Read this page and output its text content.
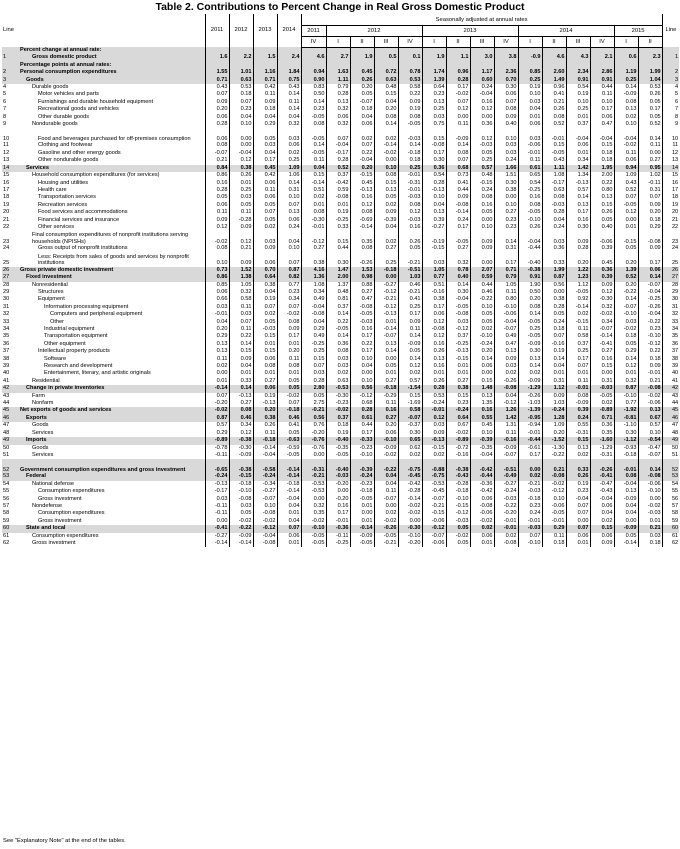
Table 2. Contributions to Percent Change in Real Gross Domestic Product
Line		2011	2012	2013	2014	Seasonally adjusted at annual rates															Line
						2011	2012				2013				2014				2015		
						IV	I	II	III	IV	I	II	III	IV	I	II	III	IV	I	II	
	Percent change at annual rate:																				
1	Gross domestic product	1.6	2.2	1.5	2.4	4.6	2.7	1.9	0.5	0.1	1.9	1.1	3.0	3.8	-0.9	4.6	4.3	2.1	0.6	2.3	1
	Percentage points at annual rates:																				
2	Personal consumption expenditures	1.55	1.01	1.16	1.84	0.94	1.63	0.45	0.72	0.78	1.74	0.96	1.17	2.36	0.85	2.60	2.34	2.86	1.19	1.99	2
3	Goods	0.71	0.63	0.71	0.75	0.90	1.11	0.26	0.63	0.53	1.39	0.28	0.60	0.70	0.25	1.49	0.91	0.91	0.25	1.04	3
4	Durable goods	0.43	0.53	0.42	0.43	0.83	0.79	0.20	0.48	0.58	0.64	0.17	0.24	0.30	0.19	0.96	0.54	0.44	0.14	0.53	4
5	Motor vehicles and parts	0.07	0.18	0.11	0.14	0.50	0.28	0.05	0.15	0.22	0.23	-0.02	-0.04	0.06	0.10	0.41	0.19	0.11	-0.09	0.26	5
6	Furnishings and durable household equipment	0.09	0.07	0.09	0.11	0.14	0.13	-0.07	0.04	0.09	0.13	0.07	0.16	0.07	0.03	0.21	0.10	0.10	0.08	0.05	6
7	Recreational goods and vehicles	0.20	0.23	0.18	0.14	0.23	0.32	0.18	0.20	0.19	0.25	0.12	0.12	0.08	0.04	0.26	0.25	0.17	0.13	0.17	7
8	Other durable goods	0.06	0.04	0.04	0.04	-0.05	0.06	0.04	0.08	0.08	0.03	0.00	0.00	0.09	0.01	0.08	0.01	0.06	0.02	0.05	8
9	Nondurable goods	0.28	0.10	0.29	0.32	0.08	0.32	0.06	0.14	-0.05	0.75	0.11	0.36	0.40	0.06	0.52	0.37	0.47	0.10	0.52	9
10	Food and beverages purchased for off-premises consumption	0.06	0.00	0.05	0.03	-0.05	0.07	0.02	0.02	-0.03	0.15	-0.09	0.12	0.10	0.03	-0.01	-0.04	-0.04	-0.04	0.14	10
11	Clothing and footwear	0.08	0.00	0.03	0.06	0.14	-0.04	0.07	-0.14	0.14	-0.08	0.14	-0.03	0.03	-0.06	0.15	0.06	0.15	-0.02	0.11	11
12	Gasoline and other energy goods	-0.07	-0.04	0.04	0.02	-0.05	-0.17	0.22	-0.02	-0.18	0.17	0.08	0.05	0.03	-0.01	-0.05	0.01	0.18	0.11	0.00	12
13	Other nondurable goods	0.21	0.12	0.17	0.25	0.11	0.28	-0.04	0.00	0.18	0.30	0.07	0.25	0.24	0.11	0.43	0.34	0.18	0.06	0.27	13
14	Services	0.84	0.38	0.45	1.09	0.04	0.52	0.20	0.10	0.25	0.36	0.68	0.57	1.66	0.61	1.11	1.42	1.95	0.94	0.95	14
15	Household consumption expenditures (for services)	0.86	0.26	0.42	1.06	0.15	0.37	-0.15	0.08	-0.01	0.54	0.73	0.48	1.51	0.65	1.08	1.34	2.00	1.09	1.02	15
16	Housing and utilities	0.16	0.01	0.06	0.14	-0.14	-0.42	0.45	0.15	-0.31	0.28	0.41	-0.15	0.30	0.54	-0.17	-0.13	0.22	0.43	-0.11	16
17	Health care	0.28	0.25	0.11	0.31	0.51	0.59	-0.13	0.13	-0.01	-0.13	0.44	0.24	0.38	-0.25	0.63	0.57	0.80	0.52	0.31	17
18	Transportation services	0.05	0.03	0.06	0.10	0.02	-0.08	0.16	0.05	-0.03	0.10	0.09	0.08	0.00	0.16	0.08	0.14	0.13	0.07	0.07	18
19	Recreation services	0.06	0.05	0.05	0.07	0.01	0.01	0.12	0.02	0.08	0.04	-0.08	0.16	0.10	0.08	-0.03	0.13	0.15	-0.05	0.09	19
20	Food services and accommodations	0.11	0.11	0.07	0.13	0.08	0.19	0.08	0.09	0.12	0.13	-0.14	0.05	0.27	-0.05	0.28	0.17	0.26	0.12	0.20	20
21	Financial services and insurance	0.09	-0.28	0.05	0.06	-0.30	-0.25	-0.69	-0.39	-0.03	0.39	0.24	0.00	0.23	-0.10	0.04	0.16	0.05	0.00	0.18	21
22	Other services	0.12	0.09	0.02	0.24	-0.01	0.33	-0.14	0.04	0.16	-0.27	0.17	0.10	0.23	0.26	0.24	0.30	0.40	0.01	0.29	22
23	Final consumption expenditures of nonprofit institutions serving households (NPISHs)	-0.02	0.12	0.03	0.04	-0.12	0.15	0.35	0.02	0.26	-0.19	-0.05	0.09	0.14	-0.04	0.03	0.09	-0.06	-0.15	-0.08	23
24	Gross output of nonprofit institutions	0.08	0.21	0.09	0.10	0.27	0.44	0.08	0.27	0.05	-0.15	0.27	0.09	0.31	-0.44	0.36	0.28	0.39	0.05	0.09	24
25	Less: Receipts from sales of goods and services by nonprofit institutions	0.10	0.09	0.06	0.07	0.38	0.30	-0.26	0.25	-0.21	0.03	0.32	0.00	0.17	-0.40	0.33	0.20	0.45	0.20	0.17	25
26	Gross private domestic investment	0.73	1.52	0.70	0.87	4.16	1.47	1.53	-0.18	-0.51	1.05	0.78	2.07	0.71	-0.38	1.99	1.22	0.36	1.39	0.06	26
27	Fixed investment	0.86	1.38	0.64	0.82	1.36	2.00	0.98	0.00	1.03	0.77	0.40	0.59	0.79	0.91	0.87	1.23	0.39	0.52	0.14	27
28	Nonresidential	0.85	1.05	0.38	0.77	1.08	1.37	0.88	-0.27	0.46	0.51	0.14	0.44	1.05	1.90	0.56	1.12	0.09	0.20	-0.07	28
29	Structures	0.06	0.32	0.04	0.23	0.34	0.48	0.27	-0.12	-0.21	-0.16	0.30	0.46	0.11	0.50	0.00	-0.05	0.12	-0.22	-0.04	29
30	Equipment	0.66	0.58	0.19	0.34	0.49	0.81	0.47	-0.21	0.41	0.38	-0.04	-0.22	0.80	0.20	0.38	0.92	-0.30	0.14	-0.25	30
31	Information processing equipment	0.03	0.11	0.07	0.07	-0.04	0.37	-0.08	-0.12	0.25	0.17	-0.05	0.10	-0.10	0.08	0.28	-0.14	0.32	-0.07	-0.26	31
32	Computers and peripheral equipment	-0.01	0.03	0.02	-0.02	-0.08	0.14	-0.05	-0.13	0.17	0.06	-0.08	0.05	-0.06	0.14	0.05	0.02	-0.02	-0.10	-0.04	32
33	Other	0.04	0.07	0.05	0.08	0.04	0.22	-0.03	0.01	0.09	0.12	0.03	0.05	-0.04	-0.05	0.24	-0.15	0.34	0.03	-0.22	33
34	Industrial equipment	0.20	0.11	-0.03	0.09	0.29	-0.05	0.16	-0.14	0.11	-0.08	-0.12	0.02	-0.07	0.25	0.18	0.11	-0.07	-0.02	0.23	34
35	Transportation equipment	0.29	0.22	0.15	0.17	0.49	0.14	0.17	-0.07	0.14	0.12	0.37	-0.10	0.49	-0.05	0.07	0.58	-0.14	0.18	-0.10	35
36	Other equipment	0.13	0.14	0.01	0.01	-0.25	0.36	0.22	0.13	-0.09	0.16	-0.25	-0.24	0.47	-0.09	-0.16	0.37	-0.41	0.05	-0.12	36
37	Intellectual property products	0.13	0.15	0.15	0.20	0.25	0.08	0.17	0.14	0.05	0.26	-0.13	0.20	0.13	0.30	0.19	0.25	0.27	0.29	0.22	37
38	Software	0.11	0.09	0.06	0.11	0.15	0.03	0.10	0.00	0.14	0.13	-0.15	0.14	0.09	0.13	0.14	0.17	0.16	0.14	0.18	38
39	Research and development	0.02	0.04	0.08	0.08	0.07	0.03	0.04	0.05	0.12	0.16	0.01	0.06	0.03	0.14	0.04	0.07	0.15	0.12	0.09	39
40	Entertainment, literary, and artistic originals	0.00	0.01	0.01	0.01	0.03	0.02	0.00	0.01	0.02	0.01	0.01	0.00	0.02	0.02	0.01	0.01	0.00	0.01	-0.01	40
41	Residential	0.01	0.33	0.27	0.05	0.28	0.63	0.10	0.27	0.57	0.26	0.27	0.15	-0.26	-0.09	0.31	0.11	0.31	0.32	0.21	41
42	Change in private inventories	-0.14	0.14	0.06	0.05	2.80	-0.53	0.56	-0.18	-1.54	0.28	0.38	1.48	-0.08	-1.29	1.12	-0.01	-0.03	0.87	-0.08	42
43	Farm	0.07	-0.13	0.19	-0.02	0.05	-0.30	-0.12	-0.29	0.15	0.53	0.15	0.13	0.04	-0.26	0.09	0.08	-0.05	-0.10	-0.02	43
44	Nonfarm	-0.20	0.27	-0.13	0.07	2.75	-0.23	0.68	0.11	-1.69	-0.24	0.23	1.35	-0.12	-1.03	1.03	-0.09	0.02	0.77	-0.06	44
45	Net exports of goods and services	-0.02	0.08	0.20	-0.18	-0.21	-0.02	0.28	0.16	0.58	-0.01	-0.24	0.16	1.26	-1.39	-0.24	0.39	-0.89	-1.92	0.13	45
46	Exports	0.87	0.46	0.38	0.46	0.56	0.37	0.61	0.27	-0.07	0.12	0.64	0.55	1.42	-0.95	1.28	0.24	0.71	-0.81	0.67	46
47	Goods	0.57	0.34	0.26	0.41	0.76	0.18	0.44	0.20	-0.37	0.03	0.67	0.45	1.31	-0.94	1.09	0.55	0.36	-1.10	0.57	47
48	Services	0.29	0.12	0.11	0.05	-0.20	0.19	0.17	0.06	0.30	0.09	-0.02	0.10	0.11	-0.01	0.20	-0.31	0.35	0.30	0.10	48
49	Imports	-0.89	-0.38	-0.18	-0.63	-0.76	-0.40	-0.33	-0.10	0.65	-0.13	-0.89	-0.39	-0.16	-0.44	-1.52	0.15	-1.60	-1.12	-0.54	49
50	Goods	-0.78	-0.30	-0.14	-0.59	-0.76	-0.35	-0.23	-0.09	0.62	-0.15	-0.72	-0.35	-0.09	-0.61	-1.30	0.13	-1.29	-0.93	-0.47	50
51	Services	-0.11	-0.09	-0.04	-0.05	0.00	-0.05	-0.10	-0.02	0.02	0.02	-0.16	-0.04	-0.07	0.17	-0.22	0.02	-0.31	-0.18	-0.07	51
52	Government consumption expenditures and gross investment	-0.65	-0.38	-0.58	-0.14	-0.31	-0.40	-0.39	-0.22	-0.75	-0.88	-0.38	-0.42	-0.51	0.00	0.21	0.33	-0.26	-0.01	0.14	52
53	Federal	-0.24	-0.15	-0.24	-0.14	-0.21	-0.03	-0.24	0.04	-0.45	-0.75	-0.43	-0.44	-0.49	0.02	-0.08	0.26	-0.41	0.08	-0.08	53
54	National defense	-0.13	-0.18	-0.34	-0.18	-0.53	-0.20	-0.23	0.04	-0.42	-0.53	-0.28	-0.36	-0.27	-0.21	-0.02	0.19	-0.47	-0.04	-0.06	54
55	Consumption expenditures	-0.17	-0.10	-0.27	-0.14	-0.53	0.00	-0.18	0.11	-0.28	-0.45	-0.18	-0.42	-0.24	-0.03	-0.12	0.23	-0.43	0.13	-0.10	55
56	Gross investment	0.03	-0.08	-0.07	-0.04	0.00	-0.20	-0.05	-0.07	-0.14	-0.07	-0.10	0.06	-0.03	-0.18	0.10	-0.04	-0.04	-0.09	0.00	56
57	Nondefense	-0.11	0.03	0.10	0.04	0.32	0.16	0.01	0.00	-0.02	-0.21	-0.15	-0.08	-0.22	0.23	-0.06	0.07	0.06	0.04	-0.02	57
58	Consumption expenditures	-0.11	0.05	-0.08	0.01	0.35	0.17	0.00	0.02	-0.02	-0.15	-0.12	-0.06	-0.20	0.24	-0.05	0.07	0.04	0.04	-0.03	58
59	Gross investment	0.00	-0.02	-0.02	0.04	-0.02	-0.01	0.01	-0.02	0.00	-0.06	-0.03	-0.02	-0.01	-0.01	-0.01	0.00	0.02	0.00	0.01	59
60	State and local	-0.41	-0.22	-0.12	0.07	-0.10	-0.36	-0.14	-0.26	-0.30	-0.12	0.05	0.02	-0.01	-0.03	0.29	0.07	0.15	-0.09	0.21	60
61	Consumption expenditures	-0.27	-0.09	-0.04	0.06	-0.05	-0.11	-0.09	-0.05	-0.10	-0.07	-0.02	0.06	0.02	0.07	0.11	0.06	0.06	0.05	0.03	61
62	Gross investment	-0.14	-0.14	-0.08	0.01	-0.05	-0.25	-0.05	-0.21	-0.20	-0.06	0.05	0.01	-0.08	-0.10	0.18	0.01	0.09	-0.14	0.18	62
See "Explanatory Note" at the end of the tables.
